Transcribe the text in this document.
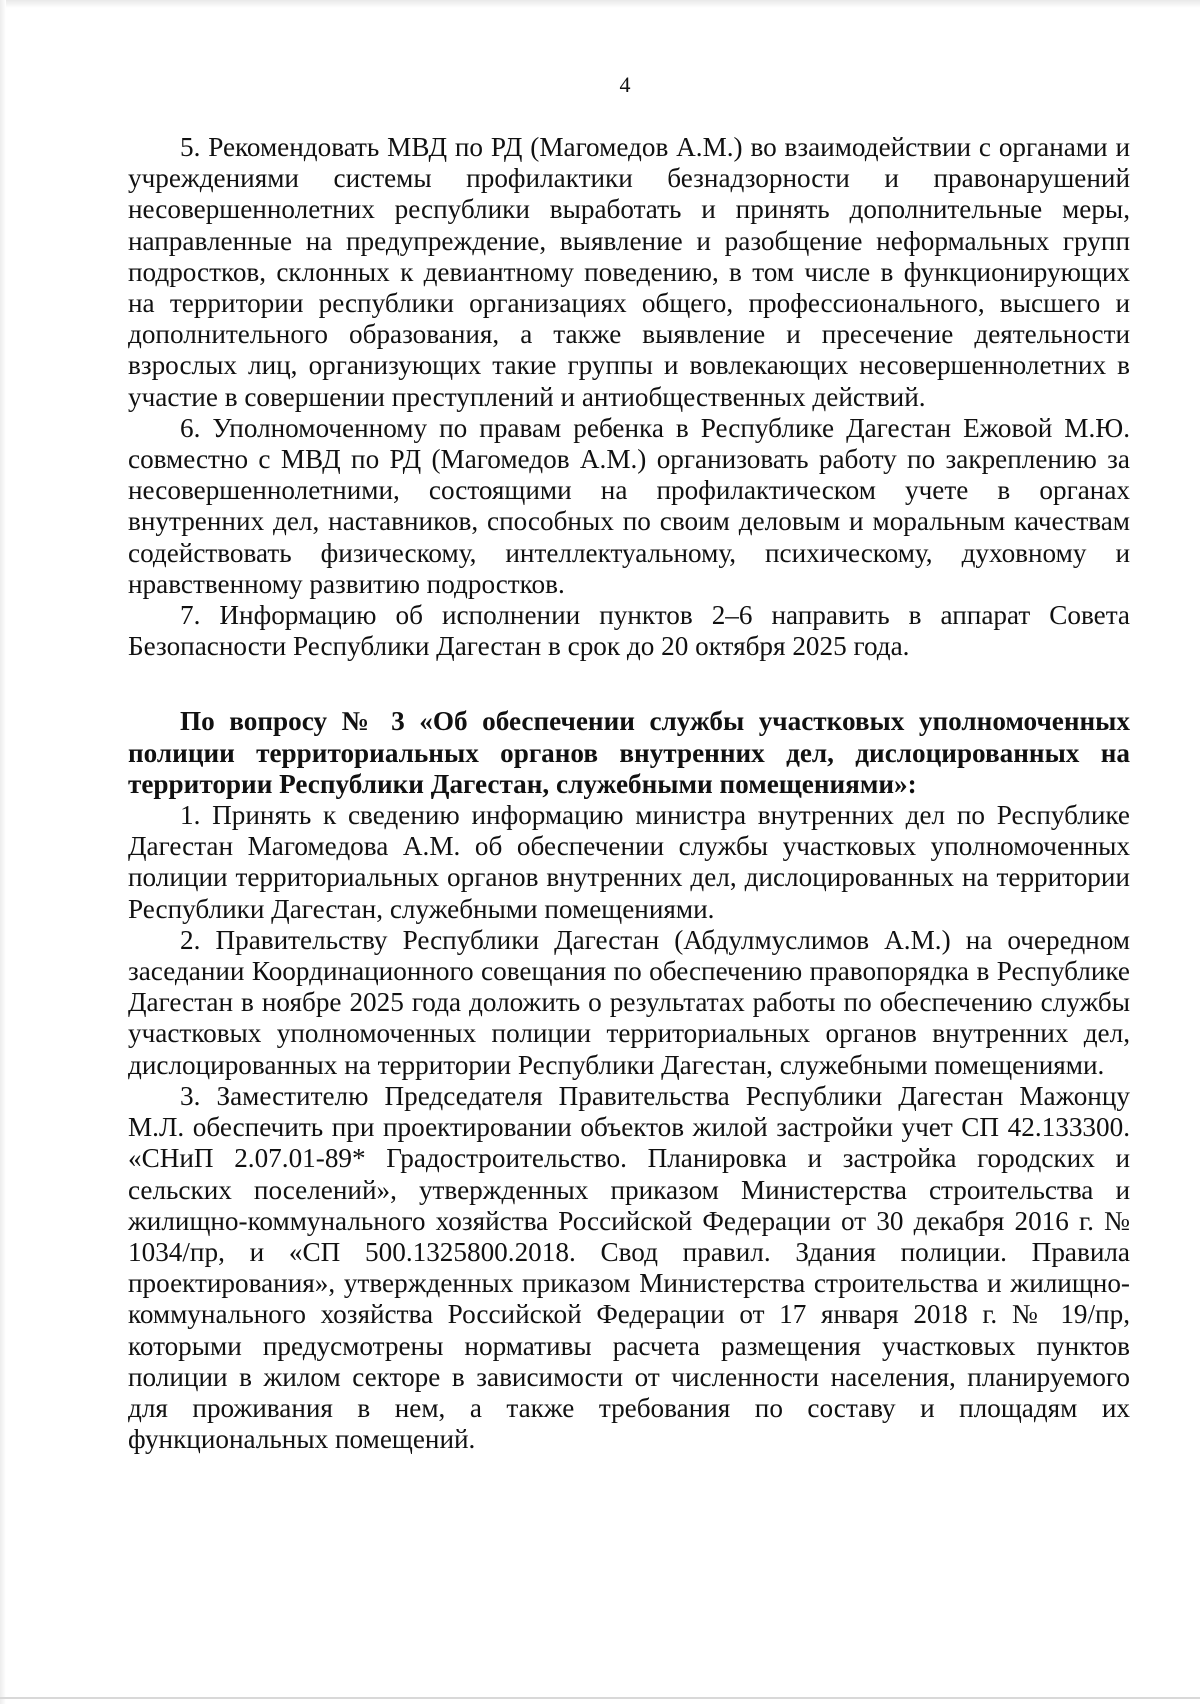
4

5. Рекомендовать МВД по РД (Магомедов А.М.) во взаимодействии с органами и учреждениями системы профилактики безнадзорности и правонарушений несовершеннолетних республики выработать и принять дополнительные меры, направленные на предупреждение, выявление и разобщение неформальных групп подростков, склонных к девиантному поведению, в том числе в функционирующих на территории республики организациях общего, профессионального, высшего и дополнительного образования, а также выявление и пресечение деятельности взрослых лиц, организующих такие группы и вовлекающих несовершеннолетних в участие в совершении преступлений и антиобщественных действий.

6. Уполномоченному по правам ребенка в Республике Дагестан Ежовой М.Ю. совместно с МВД по РД (Магомедов А.М.) организовать работу по закреплению за несовершеннолетними, состоящими на профилактическом учете в органах внутренних дел, наставников, способных по своим деловым и моральным качествам содействовать физическому, интеллектуальному, психическому, духовному и нравственному развитию подростков.

7. Информацию об исполнении пунктов 2–6 направить в аппарат Совета Безопасности Республики Дагестан в срок до 20 октября 2025 года.

По вопросу № 3 «Об обеспечении службы участковых уполномоченных полиции территориальных органов внутренних дел, дислоцированных на территории Республики Дагестан, служебными помещениями»:

1. Принять к сведению информацию министра внутренних дел по Республике Дагестан Магомедова А.М. об обеспечении службы участковых уполномоченных полиции территориальных органов внутренних дел, дислоцированных на территории Республики Дагестан, служебными помещениями.

2. Правительству Республики Дагестан (Абдулмуслимов А.М.) на очередном заседании Координационного совещания по обеспечению правопорядка в Республике Дагестан в ноябре 2025 года доложить о результатах работы по обеспечению службы участковых уполномоченных полиции территориальных органов внутренних дел, дислоцированных на территории Республики Дагестан, служебными помещениями.

3. Заместителю Председателя Правительства Республики Дагестан Мажонцу М.Л. обеспечить при проектировании объектов жилой застройки учет СП 42.133300. «СНиП 2.07.01-89* Градостроительство. Планировка и застройка городских и сельских поселений», утвержденных приказом Министерства строительства и жилищно-коммунального хозяйства Российской Федерации от 30 декабря 2016 г. № 1034/пр, и «СП 500.1325800.2018. Свод правил. Здания полиции. Правила проектирования», утвержденных приказом Министерства строительства и жилищно-коммунального хозяйства Российской Федерации от 17 января 2018 г. № 19/пр, которыми предусмотрены нормативы расчета размещения участковых пунктов полиции в жилом секторе в зависимости от численности населения, планируемого для проживания в нем, а также требования по составу и площадям их функциональных помещений.
